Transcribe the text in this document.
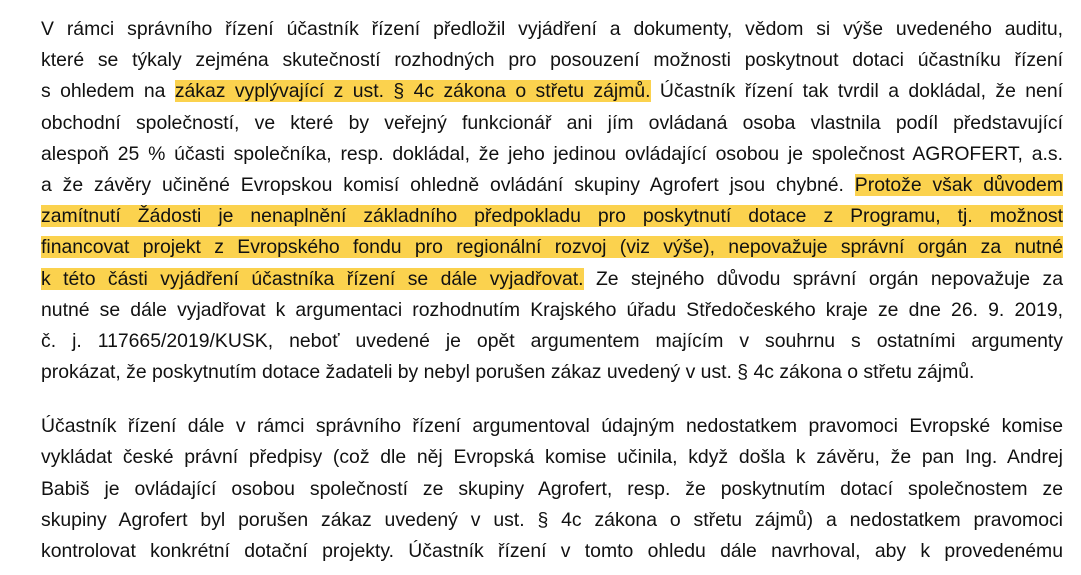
V rámci správního řízení účastník řízení předložil vyjádření a dokumenty, vědom si výše uvedeného auditu,
které se týkaly zejména skutečností rozhodných pro posouzení možnosti poskytnout dotaci účastníku řízení
s ohledem na zákaz vyplývající z ust. § 4c zákona o střetu zájmů. Účastník řízení tak tvrdil a dokládal, že není
obchodní společností, ve které by veřejný funkcionář ani jím ovládaná osoba vlastnila podíl představující
alespoň 25 % účasti společníka, resp. dokládal, že jeho jedinou ovládající osobou je společnost AGROFERT, a.s.
a že závěry učiněné Evropskou komisí ohledně ovládání skupiny Agrofert jsou chybné. Protože však důvodem
zamítnutí Žádosti je nenaplnění základního předpokladu pro poskytnutí dotace z Programu, tj. možnost
financovat projekt z Evropského fondu pro regionální rozvoj (viz výše), nepovažuje správní orgán za nutné
k této části vyjádření účastníka řízení se dále vyjadřovat. Ze stejného důvodu správní orgán nepovažuje za
nutné se dále vyjadřovat k argumentaci rozhodnutím Krajského úřadu Středočeského kraje ze dne 26. 9. 2019,
č. j. 117665/2019/KUSK, neboť uvedené je opět argumentem majícím v souhrnu s ostatními argumenty
prokázat, že poskytnutím dotace žadateli by nebyl porušen zákaz uvedený v ust. § 4c zákona o střetu zájmů.
Účastník řízení dále v rámci správního řízení argumentoval údajným nedostatkem pravomoci Evropské komise
vykládat české právní předpisy (což dle něj Evropská komise učinila, když došla k závěru, že pan Ing. Andrej
Babiš je ovládající osobou společností ze skupiny Agrofert, resp. že poskytnutím dotací společnostem ze
skupiny Agrofert byl porušen zákaz uvedený v ust. § 4c zákona o střetu zájmů) a nedostatkem pravomoci
kontrolovat konkrétní dotační projekty. Účastník řízení v tomto ohledu dále navrhoval, aby k provedenému
